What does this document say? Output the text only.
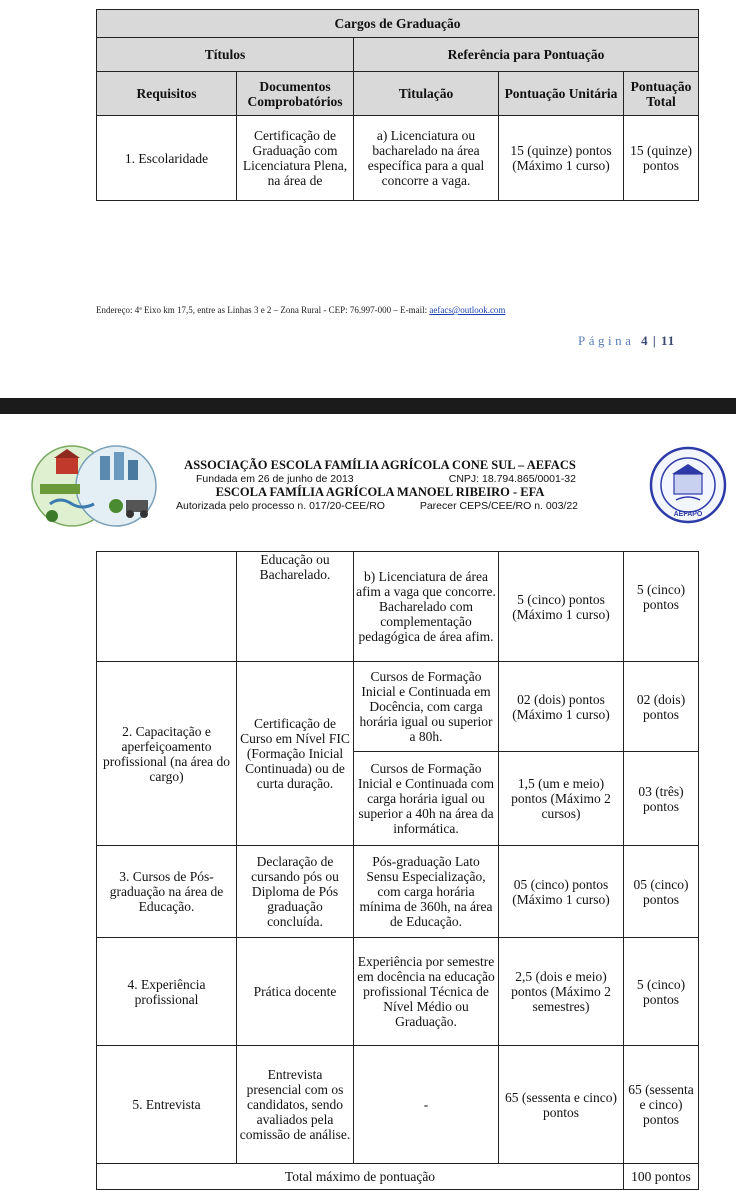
Cargos de Graduação				
Títulos		Referência para Pontuação		
Requisitos	Documentos Comprobatórios	Titulação	Pontuação Unitária	Pontuação Total
1. Escolaridade	Certificação de Graduação com Licenciatura Plena, na área de	a) Licenciatura ou bacharelado na área específica para a qual concorre a vaga.	15 (quinze) pontos (Máximo 1 curso)	15 (quinze) pontos
Endereço: 4ª Eixo km 17,5, entre as Linhas 3 e 2 – Zona Rural - CEP: 76.997-000 – E-mail: aefacs@outlook.com
Página 4 | 11
ASSOCIAÇÃO ESCOLA FAMÍLIA AGRÍCOLA CONE SUL – AEFACS
Fundada em 26 de junho de 2013	CNPJ: 18.794.865/0001-32
ESCOLA FAMÍLIA AGRÍCOLA MANOEL RIBEIRO - EFA
Autorizada pelo processo n. 017/20-CEE/RO	Parecer CEPS/CEE/RO n. 003/22
AEFAPO
	Educação ou Bacharelado.	b) Licenciatura de área afim a vaga que concorre. Bacharelado com complementação pedagógica de área afim.	5 (cinco) pontos (Máximo 1 curso)	5 (cinco) pontos
2. Capacitação e aperfeiçoamento profissional (na área do cargo)	Certificação de Curso em Nível FIC (Formação Inicial Continuada) ou de curta duração.	Cursos de Formação Inicial e Continuada em Docência, com carga horária igual ou superior a 80h.	02 (dois) pontos (Máximo 1 curso)	02 (dois) pontos
		Cursos de Formação Inicial e Continuada com carga horária igual ou superior a 40h na área da informática.	1,5 (um e meio) pontos (Máximo 2 cursos)	03 (três) pontos
3. Cursos de Pós-graduação na área de Educação.	Declaração de cursando pós ou Diploma de Pós graduação concluída.	Pós-graduação Lato Sensu Especialização, com carga horária mínima de 360h, na área de Educação.	05 (cinco) pontos (Máximo 1 curso)	05 (cinco) pontos
4. Experiência profissional	Prática docente	Experiência por semestre em docência na educação profissional Técnica de Nível Médio ou Graduação.	2,5 (dois e meio) pontos (Máximo 2 semestres)	5 (cinco) pontos
5. Entrevista	Entrevista presencial com os candidatos, sendo avaliados pela comissão de análise.	-	65 (sessenta e cinco) pontos	65 (sessenta e cinco) pontos
Total máximo de pontuação				100 pontos
